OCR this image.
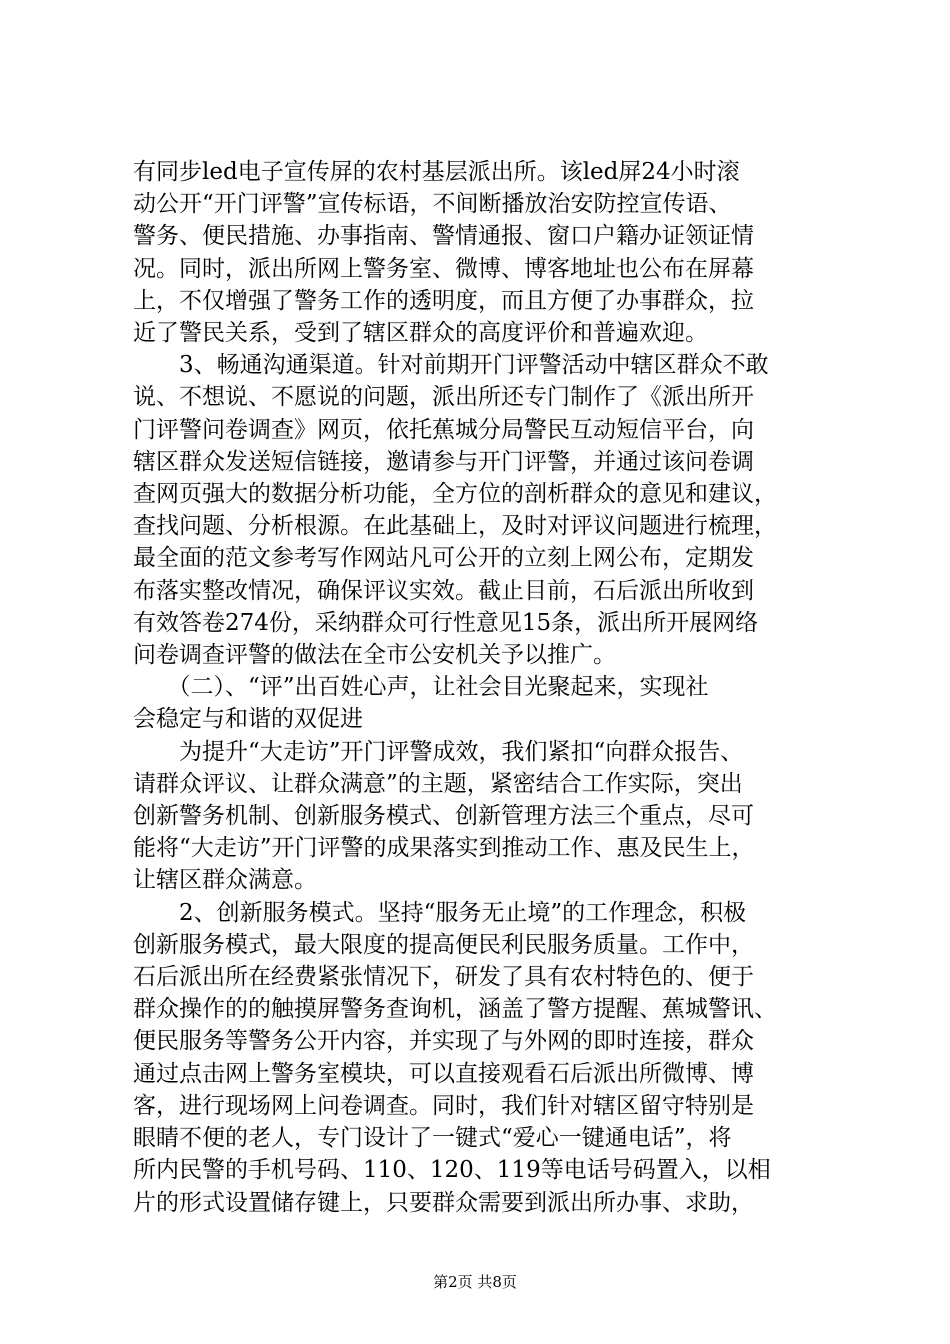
有同步led电子宣传屏的农村基层派出所。该led屏24小时滚
动公开“开门评警”宣传标语，不间断播放治安防控宣传语、
警务、便民措施、办事指南、警情通报、窗口户籍办证领证情
况。同时，派出所网上警务室、微博、博客地址也公布在屏幕
上，不仅增强了警务工作的透明度，而且方便了办事群众，拉
近了警民关系，受到了辖区群众的高度评价和普遍欢迎。
　　3、畅通沟通渠道。针对前期开门评警活动中辖区群众不敢
说、不想说、不愿说的问题，派出所还专门制作了《派出所开
门评警问卷调查》网页，依托蕉城分局警民互动短信平台，向
辖区群众发送短信链接，邀请参与开门评警，并通过该问卷调
查网页强大的数据分析功能，全方位的剖析群众的意见和建议，
查找问题、分析根源。在此基础上，及时对评议问题进行梳理，
最全面的范文参考写作网站凡可公开的立刻上网公布，定期发
布落实整改情况，确保评议实效。截止目前，石后派出所收到
有效答卷274份，采纳群众可行性意见15条，派出所开展网络
问卷调查评警的做法在全市公安机关予以推广。
　　（二）、“评”出百姓心声，让社会目光聚起来，实现社
会稳定与和谐的双促进
　　为提升“大走访”开门评警成效，我们紧扣“向群众报告、
请群众评议、让群众满意”的主题，紧密结合工作实际，突出
创新警务机制、创新服务模式、创新管理方法三个重点，尽可
能将“大走访”开门评警的成果落实到推动工作、惠及民生上，
让辖区群众满意。
　　2、创新服务模式。坚持“服务无止境”的工作理念，积极
创新服务模式，最大限度的提高便民利民服务质量。工作中，
石后派出所在经费紧张情况下，研发了具有农村特色的、便于
群众操作的的触摸屏警务查询机，涵盖了警方提醒、蕉城警讯、
便民服务等警务公开内容，并实现了与外网的即时连接，群众
通过点击网上警务室模块，可以直接观看石后派出所微博、博
客，进行现场网上问卷调查。同时，我们针对辖区留守特别是
眼睛不便的老人，专门设计了一键式“爱心一键通电话”，将
所内民警的手机号码、110、120、119等电话号码置入，以相
片的形式设置储存键上，只要群众需要到派出所办事、求助，
第2页 共8页
